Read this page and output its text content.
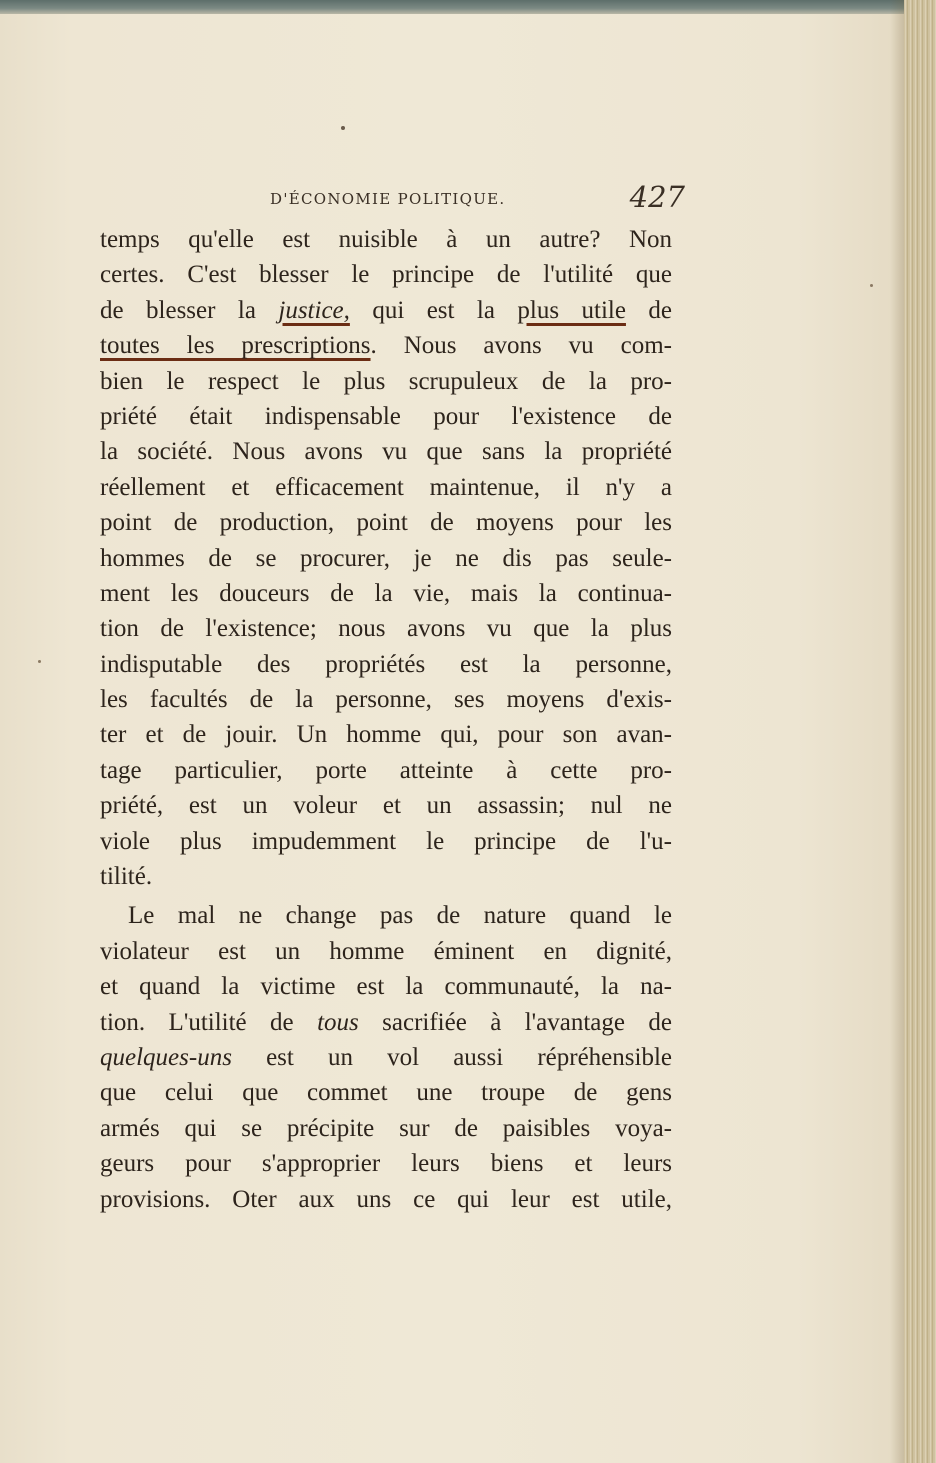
D'ÉCONOMIE POLITIQUE.	427
temps qu'elle est nuisible à un autre? Non
certes. C'est blesser le principe de l'utilité que
de blesser la justice, qui est la plus utile de
toutes les prescriptions. Nous avons vu com-
bien le respect le plus scrupuleux de la pro-
priété était indispensable pour l'existence de
la société. Nous avons vu que sans la propriété
réellement et efficacement maintenue, il n'y a
point de production, point de moyens pour les
hommes de se procurer, je ne dis pas seule-
ment les douceurs de la vie, mais la continua-
tion de l'existence; nous avons vu que la plus
indisputable des propriétés est la personne,
les facultés de la personne, ses moyens d'exis-
ter et de jouir. Un homme qui, pour son avan-
tage particulier, porte atteinte à cette pro-
priété, est un voleur et un assassin; nul ne
viole plus impudemment le principe de l'u-
tilité.
Le mal ne change pas de nature quand le
violateur est un homme éminent en dignité,
et quand la victime est la communauté, la na-
tion. L'utilité de tous sacrifiée à l'avantage de
quelques-uns est un vol aussi répréhensible
que celui que commet une troupe de gens
armés qui se précipite sur de paisibles voya-
geurs pour s'approprier leurs biens et leurs
provisions. Oter aux uns ce qui leur est utile,
